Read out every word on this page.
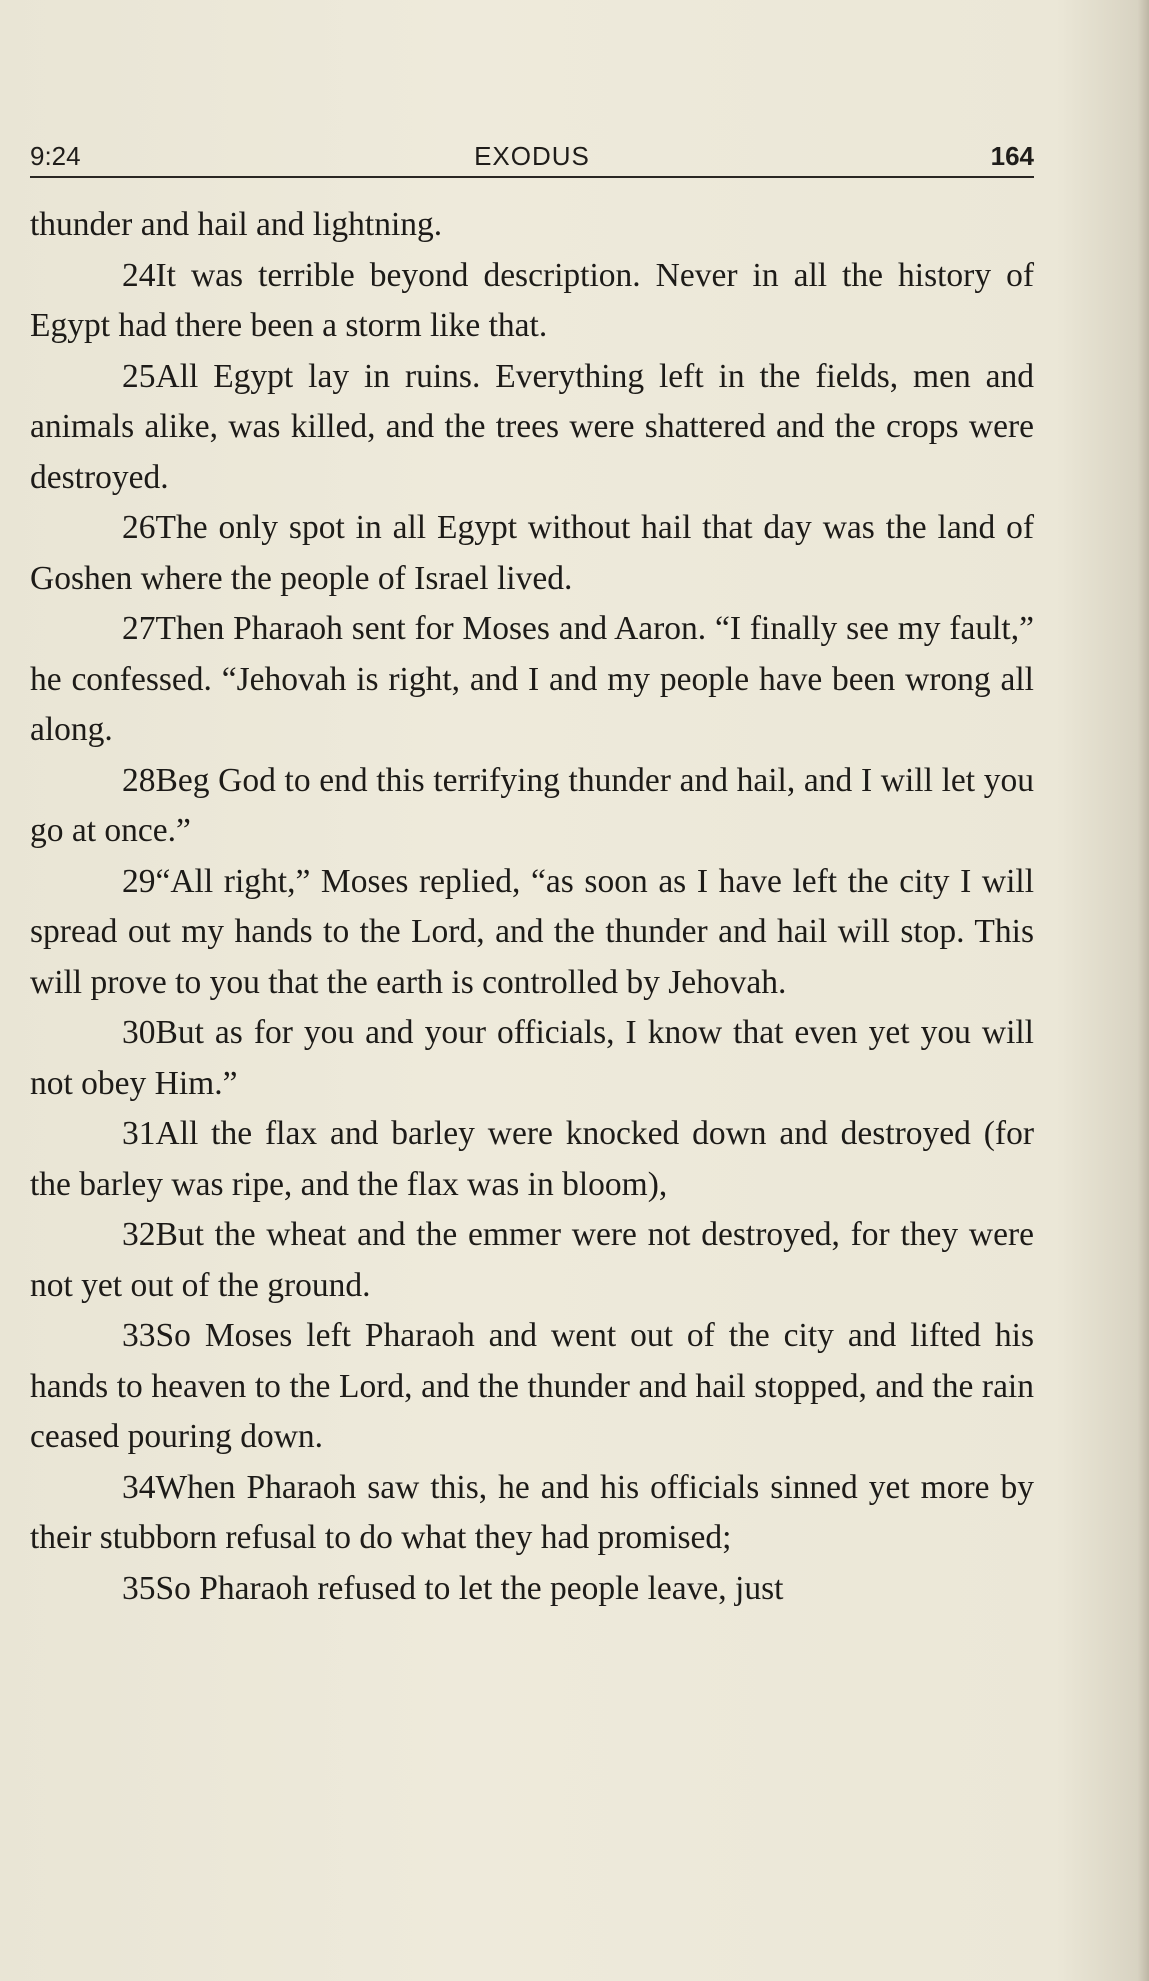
9:24	EXODUS	164

thunder and hail and lightning.

24It was terrible beyond description. Never in all the history of Egypt had there been a storm like that.

25All Egypt lay in ruins. Everything left in the fields, men and animals alike, was killed, and the trees were shattered and the crops were destroyed.

26The only spot in all Egypt without hail that day was the land of Goshen where the people of Israel lived.

27Then Pharaoh sent for Moses and Aaron. “I finally see my fault,” he confessed. “Jehovah is right, and I and my people have been wrong all along.

28Beg God to end this terrifying thunder and hail, and I will let you go at once.”

29“All right,” Moses replied, “as soon as I have left the city I will spread out my hands to the Lord, and the thunder and hail will stop. This will prove to you that the earth is controlled by Jehovah.

30But as for you and your officials, I know that even yet you will not obey Him.”

31All the flax and barley were knocked down and destroyed (for the barley was ripe, and the flax was in bloom),

32But the wheat and the emmer were not destroyed, for they were not yet out of the ground.

33So Moses left Pharaoh and went out of the city and lifted his hands to heaven to the Lord, and the thunder and hail stopped, and the rain ceased pouring down.

34When Pharaoh saw this, he and his officials sinned yet more by their stubborn refusal to do what they had promised;

35So Pharaoh refused to let the people leave, just
